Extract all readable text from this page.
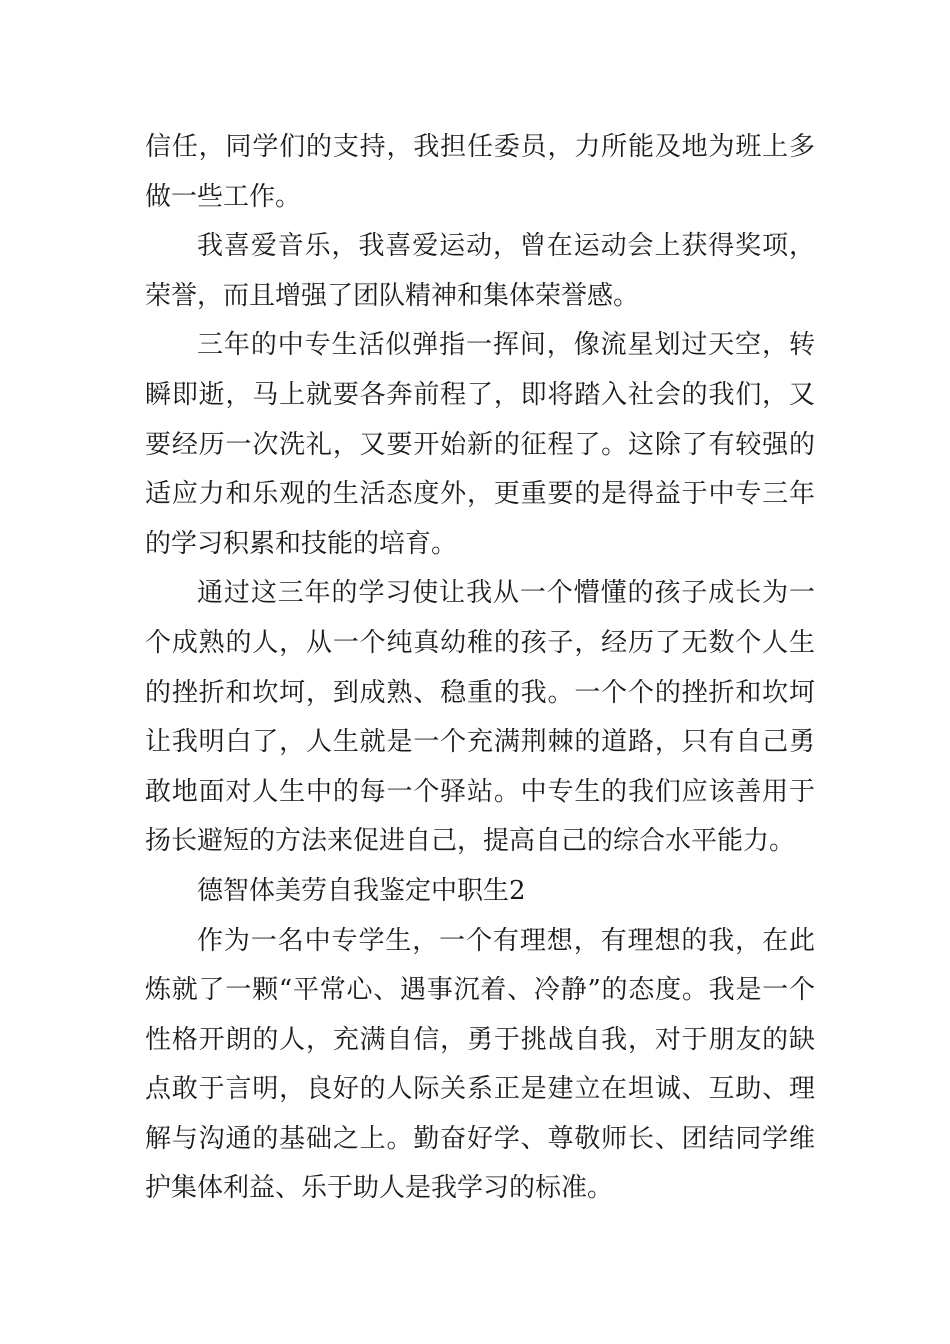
信任，同学们的支持，我担任委员，力所能及地为班上多做一些工作。

我喜爱音乐，我喜爱运动，曾在运动会上获得奖项，荣誉，而且增强了团队精神和集体荣誉感。

三年的中专生活似弹指一挥间，像流星划过天空，转瞬即逝，马上就要各奔前程了，即将踏入社会的我们，又要经历一次洗礼，又要开始新的征程了。这除了有较强的适应力和乐观的生活态度外，更重要的是得益于中专三年的学习积累和技能的培育。

通过这三年的学习使让我从一个懵懂的孩子成长为一个成熟的人，从一个纯真幼稚的孩子，经历了无数个人生的挫折和坎坷，到成熟、稳重的我。一个个的挫折和坎坷让我明白了，人生就是一个充满荆棘的道路，只有自己勇敢地面对人生中的每一个驿站。中专生的我们应该善用于扬长避短的方法来促进自己，提高自己的综合水平能力。

德智体美劳自我鉴定中职生2

作为一名中专学生，一个有理想，有理想的我，在此炼就了一颗“平常心、遇事沉着、冷静”的态度。我是一个性格开朗的人，充满自信，勇于挑战自我，对于朋友的缺点敢于言明，良好的人际关系正是建立在坦诚、互助、理解与沟通的基础之上。勤奋好学、尊敬师长、团结同学维护集体利益、乐于助人是我学习的标准。
